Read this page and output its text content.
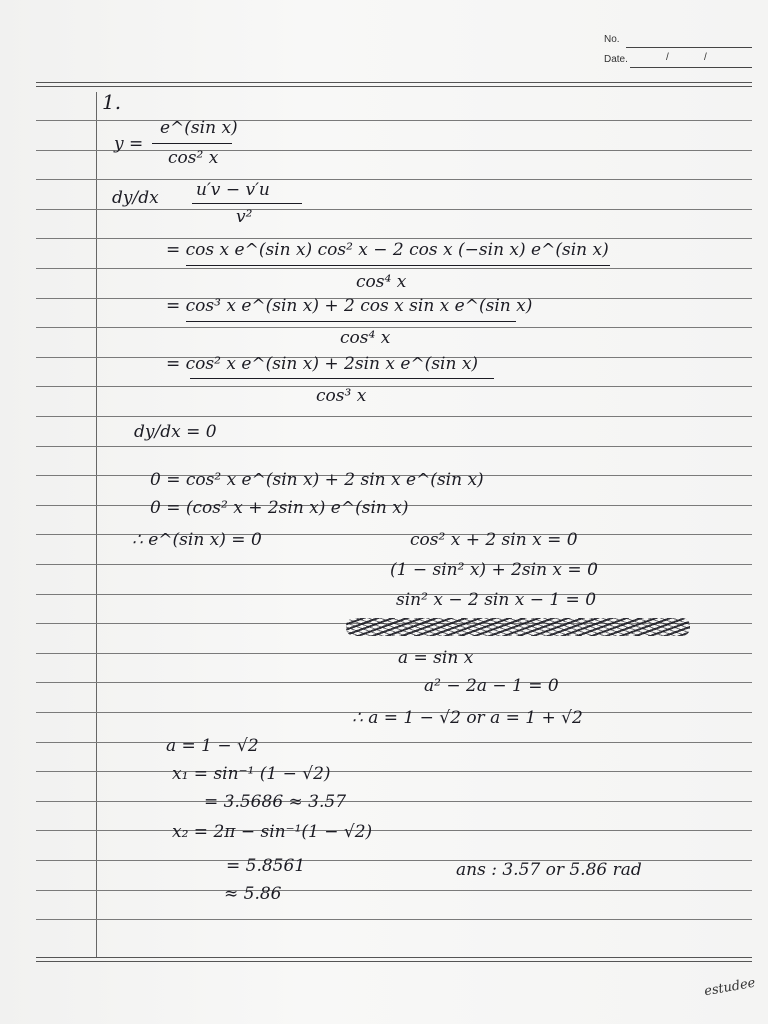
No.
Date.	/	/
1.
y =
e^(sin x)
cos² x
dy/dx u′v − v′u
v²
= cos x e^(sin x) cos² x − 2 cos x (−sin x) e^(sin x)
cos⁴ x
= cos³ x e^(sin x) + 2 cos x sin x e^(sin x)
cos⁴ x
= cos² x e^(sin x) + 2sin x e^(sin x)
cos³ x
dy/dx = 0
0 = cos² x e^(sin x) + 2 sin x e^(sin x)
0 = (cos² x + 2sin x) e^(sin x)
∴ e^(sin x) = 0	cos² x + 2 sin x = 0
(1 − sin² x) + 2sin x = 0
sin² x − 2 sin x − 1 = 0
a = sin x
a² − 2a − 1 = 0
∴ a = 1 − √2 or a = 1 + √2
a = 1 − √2
x₁ = sin⁻¹ (1 − √2)
= 3.5686 ≈ 3.57
x₂ = 2π − sin⁻¹(1 − √2)
= 5.8561
≈ 5.86
ans : 3.57 or 5.86 rad
estudee
